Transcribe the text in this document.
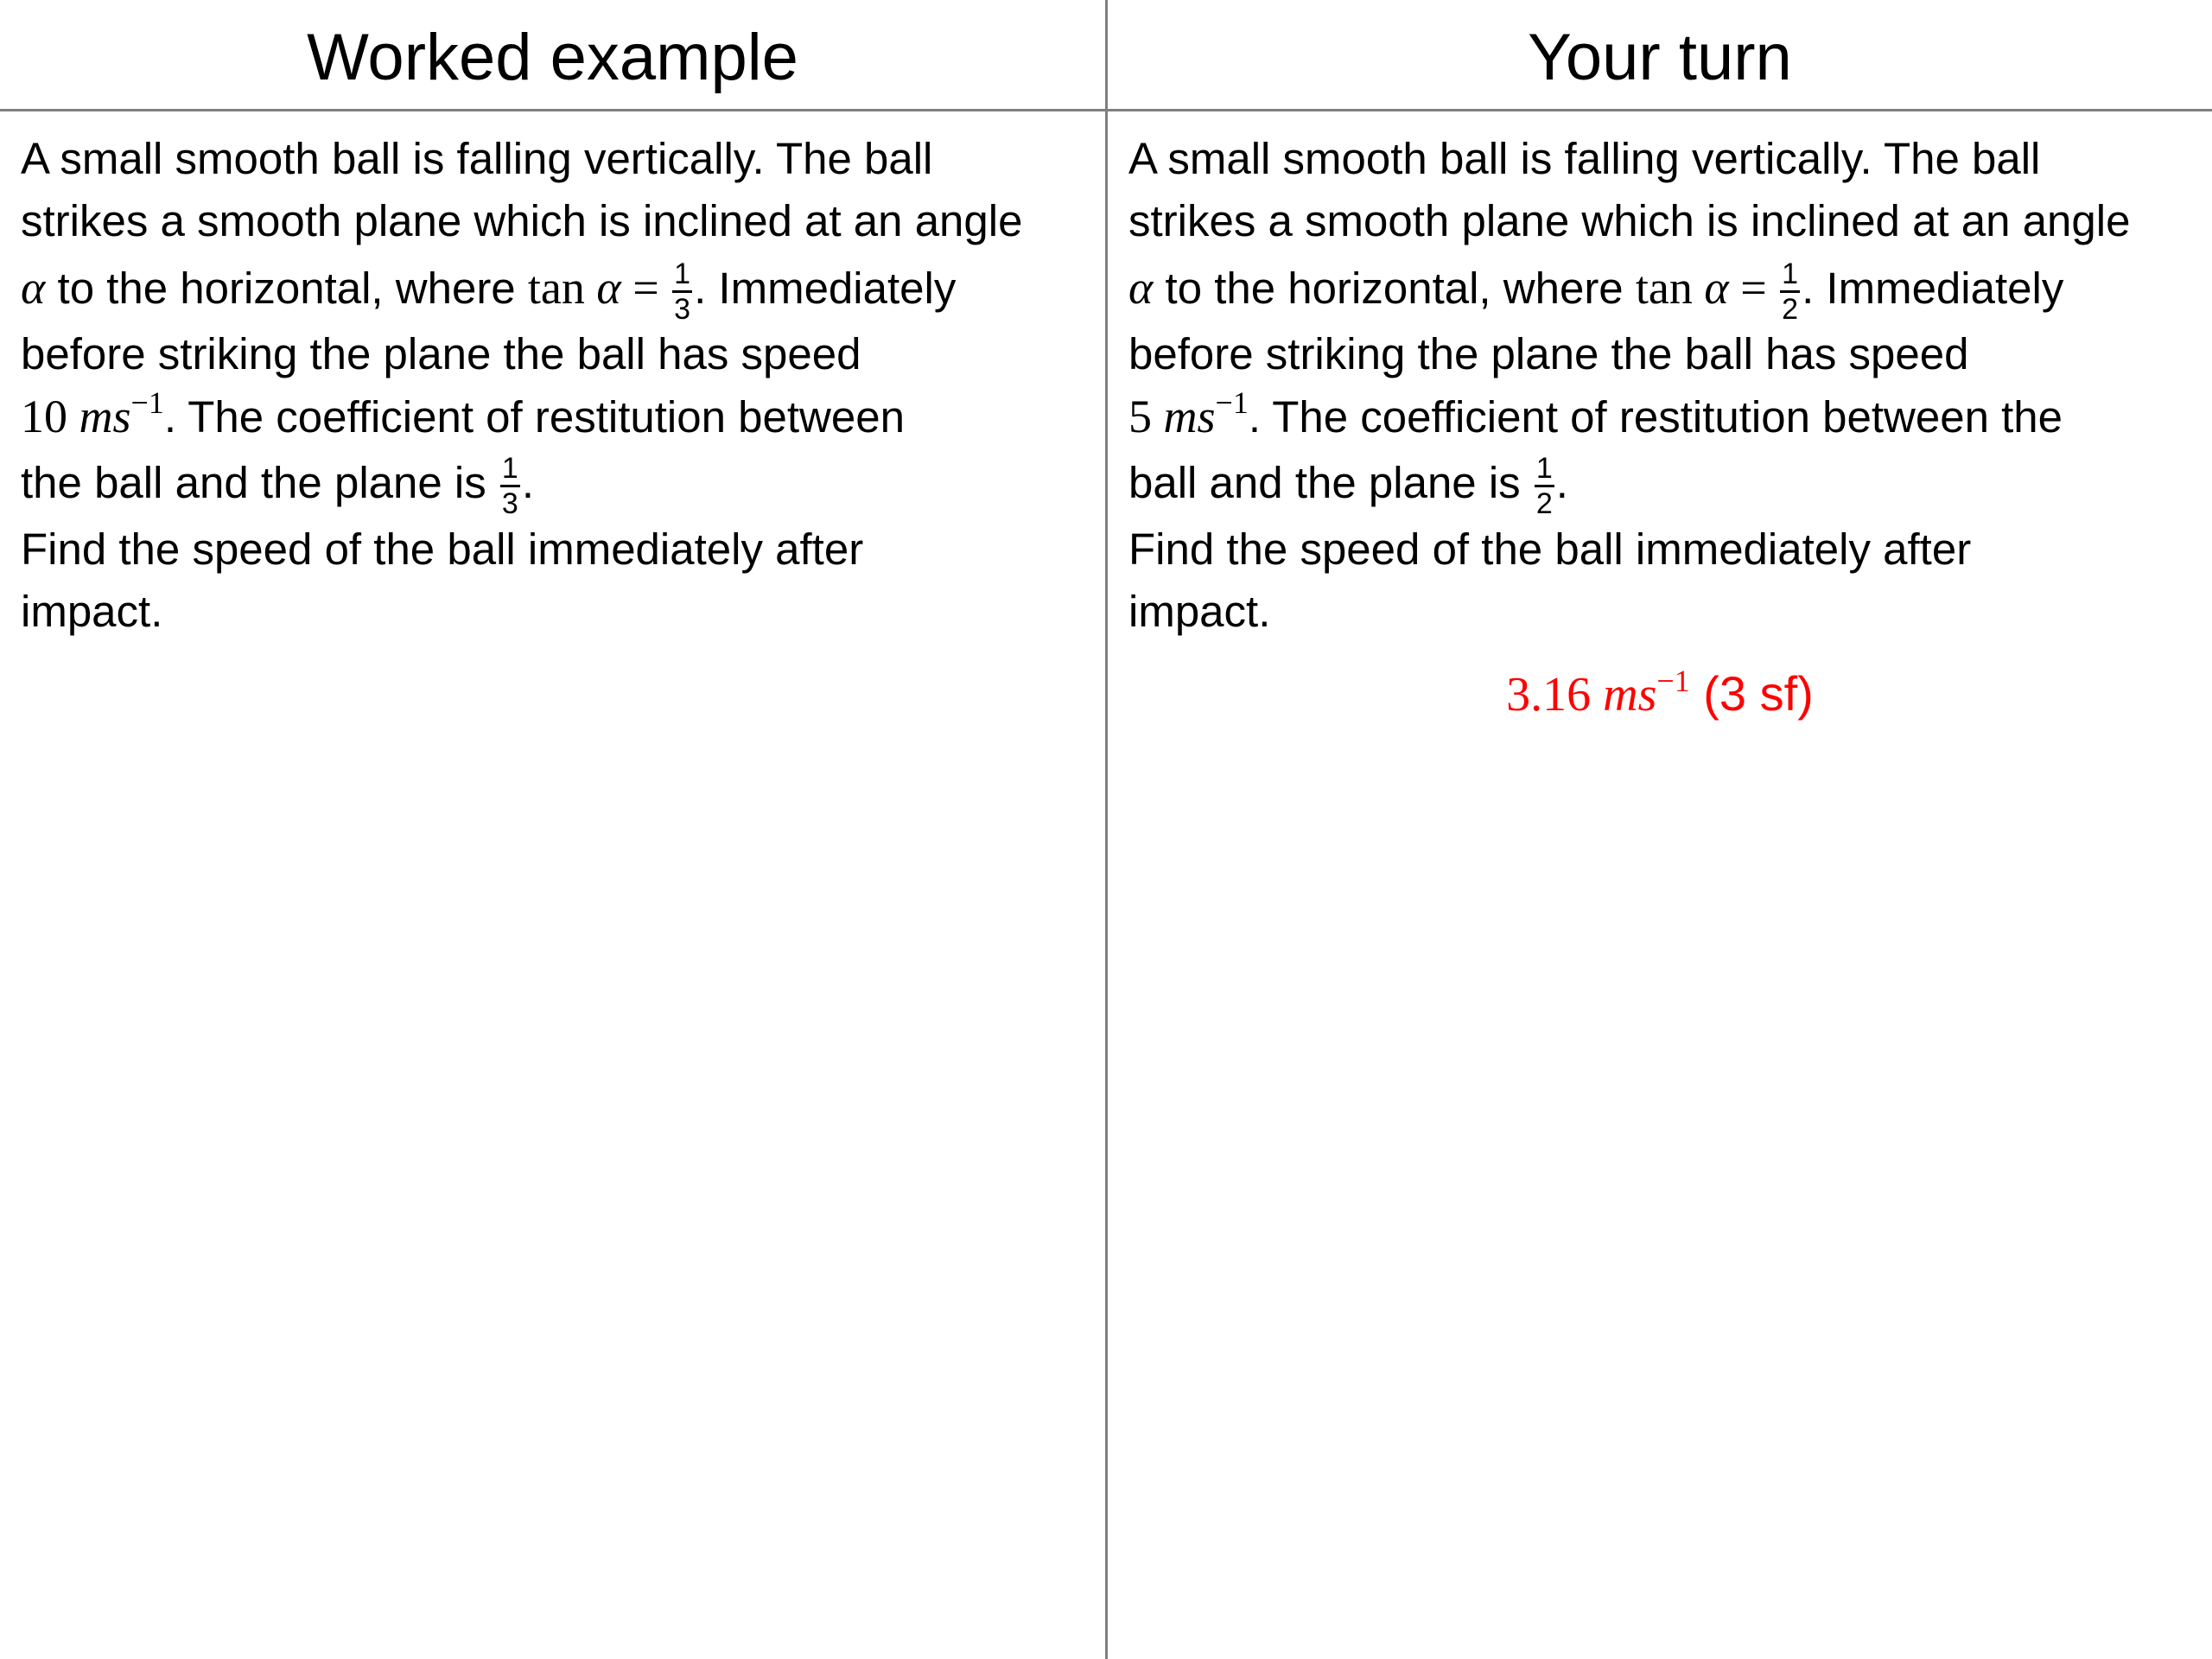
Worked example	Your turn
A small smooth ball is falling vertically. The ball
strikes a smooth plane which is inclined at an angle
α to the horizontal, where $\tan \alpha = \frac{1}{3}$ . Immediately
before striking the plane the ball has speed
10 $ms^{-1}$. The coefficient of restitution between
the ball and the plane is $\frac{1}{3}$ .
Find the speed of the ball immediately after
impact.
A small smooth ball is falling vertically. The ball
strikes a smooth plane which is inclined at an angle
α to the horizontal, where $\tan \alpha = \frac{1}{2}$ . Immediately
before striking the plane the ball has speed
5 $ms^{-1}$. The coefficient of restitution between the
ball and the plane is $\frac{1}{2}$ .
Find the speed of the ball immediately after
impact.
3.16 $ms^{-1}$ (3 sf)
